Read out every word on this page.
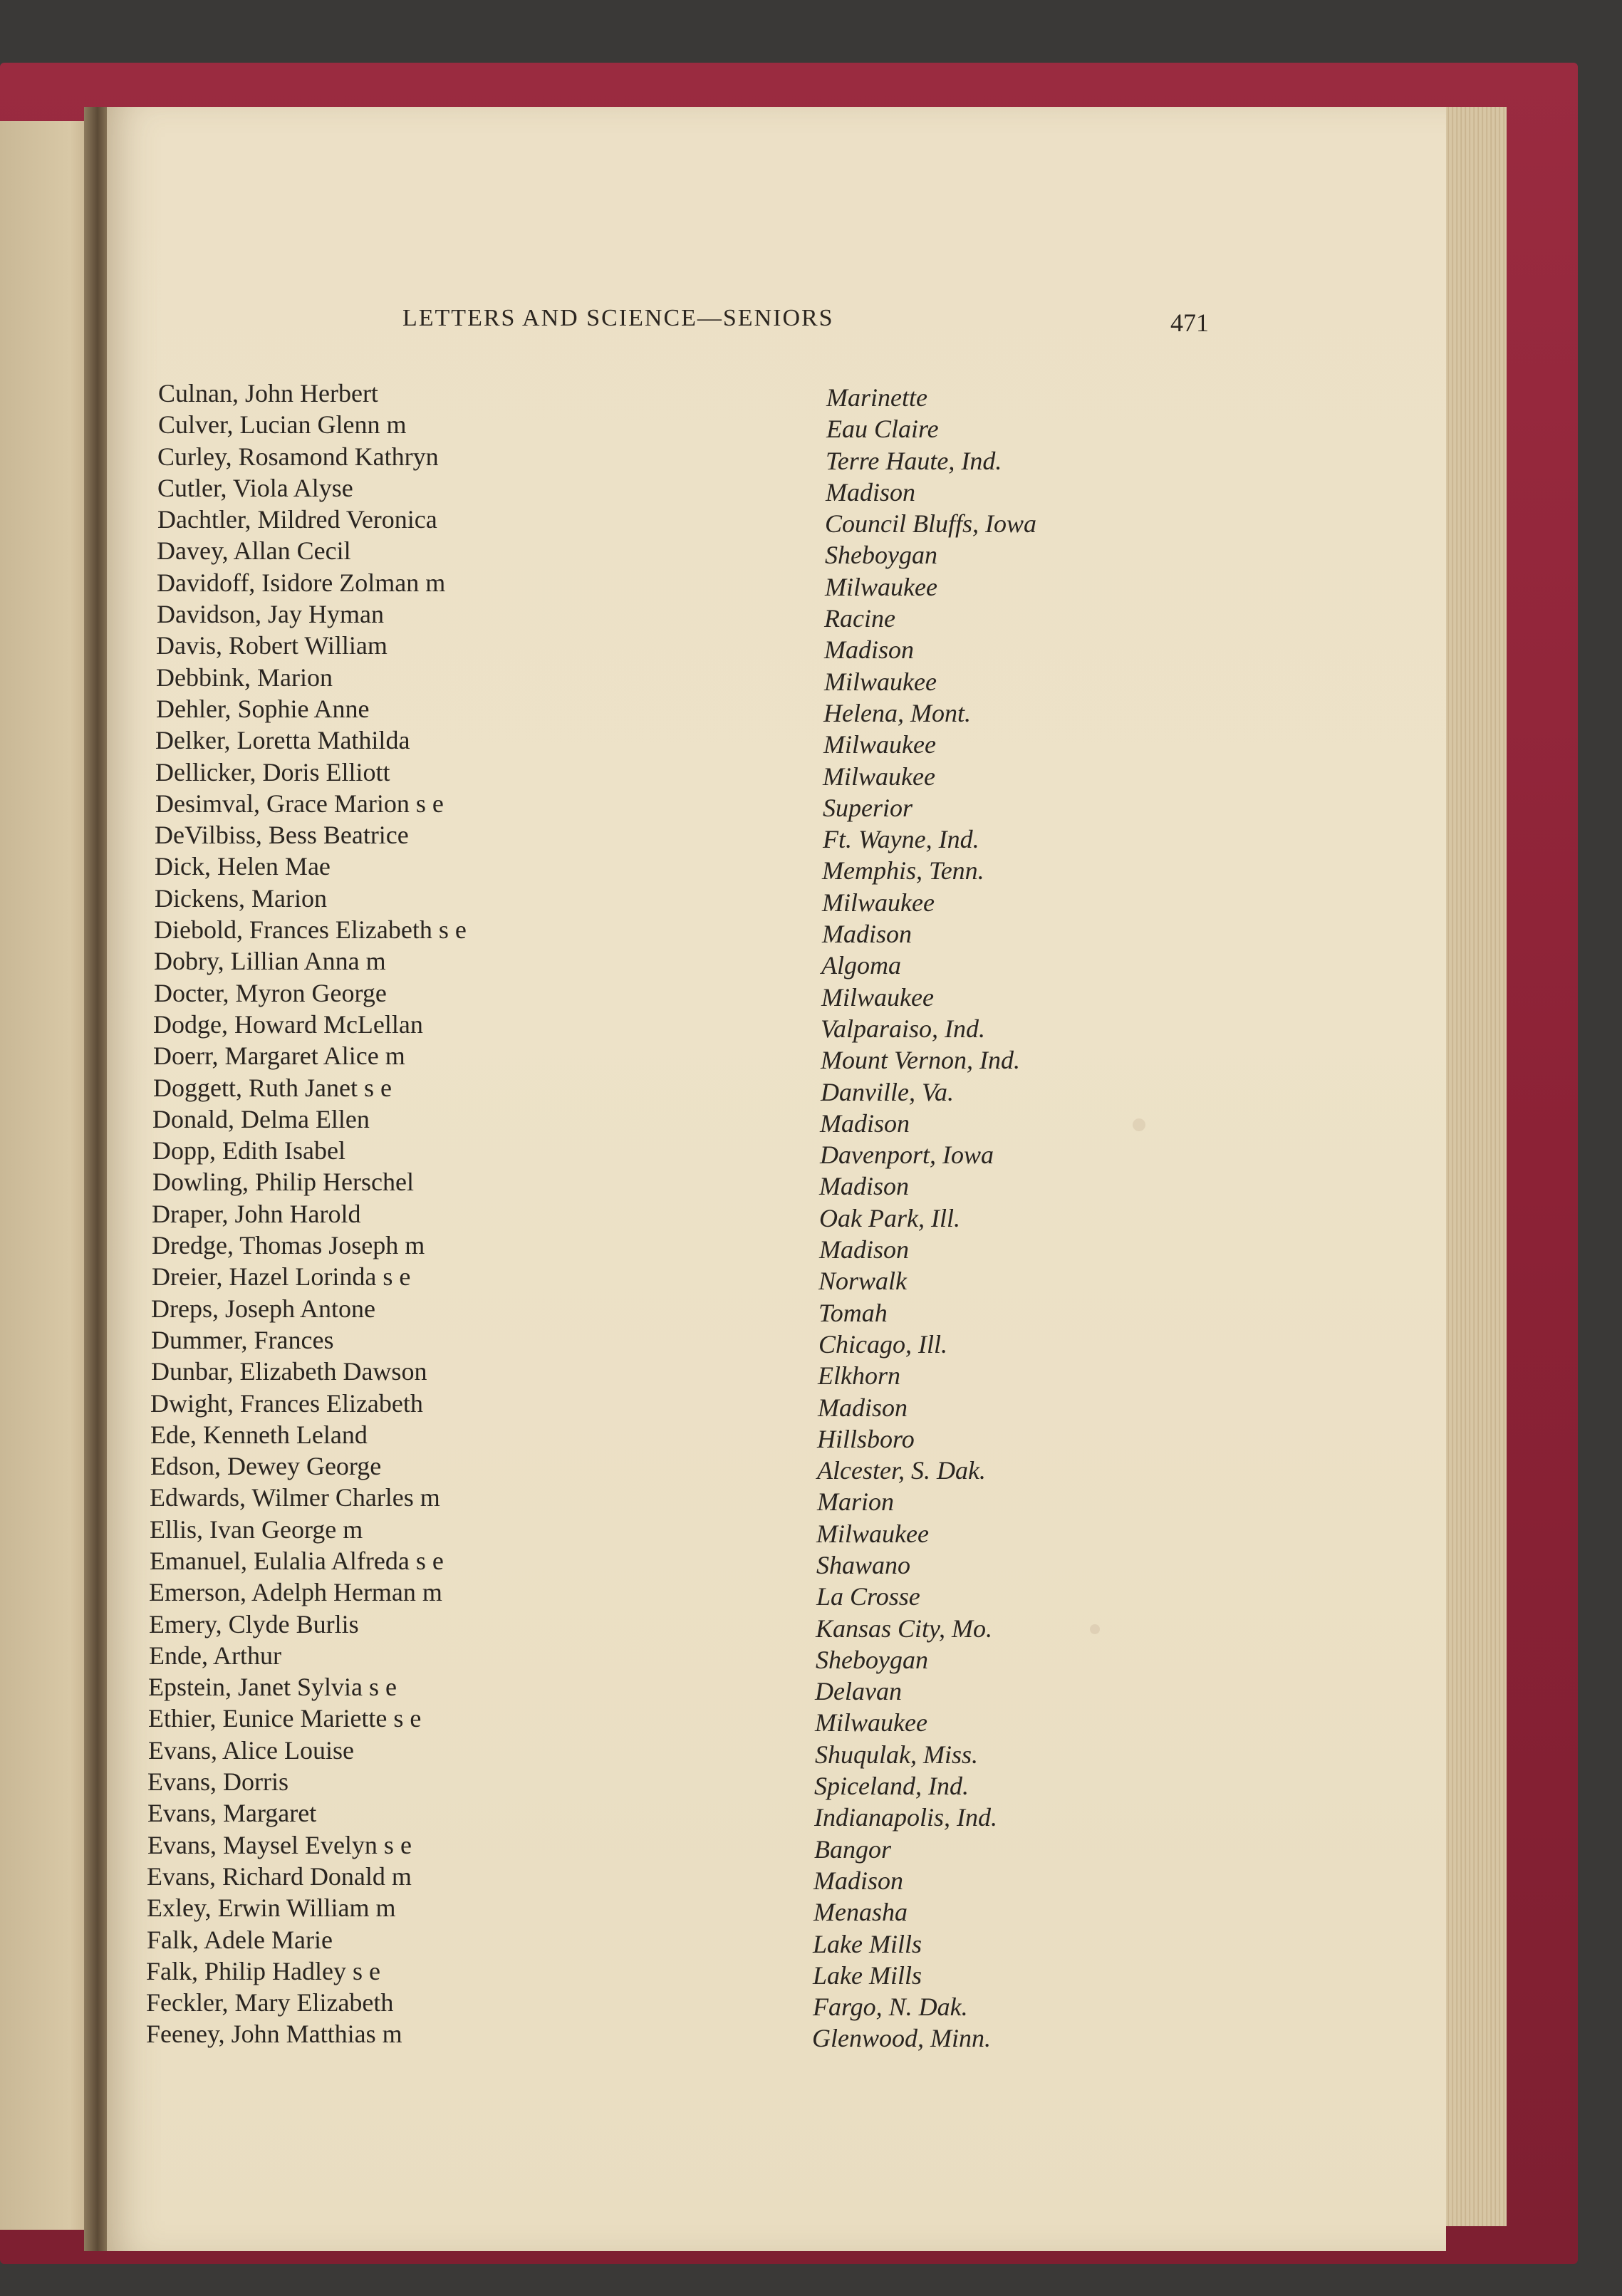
LETTERS AND SCIENCE—SENIORS	471
Culnan, John Herbert
Culver, Lucian Glenn m
Curley, Rosamond Kathryn
Cutler, Viola Alyse
Dachtler, Mildred Veronica
Davey, Allan Cecil
Davidoff, Isidore Zolman m
Davidson, Jay Hyman
Davis, Robert William
Debbink, Marion
Dehler, Sophie Anne
Delker, Loretta Mathilda
Dellicker, Doris Elliott
Desimval, Grace Marion s e
DeVilbiss, Bess Beatrice
Dick, Helen Mae
Dickens, Marion
Diebold, Frances Elizabeth s e
Dobry, Lillian Anna m
Docter, Myron George
Dodge, Howard McLellan
Doerr, Margaret Alice m
Doggett, Ruth Janet s e
Donald, Delma Ellen
Dopp, Edith Isabel
Dowling, Philip Herschel
Draper, John Harold
Dredge, Thomas Joseph m
Dreier, Hazel Lorinda s e
Dreps, Joseph Antone
Dummer, Frances
Dunbar, Elizabeth Dawson
Dwight, Frances Elizabeth
Ede, Kenneth Leland
Edson, Dewey George
Edwards, Wilmer Charles m
Ellis, Ivan George m
Emanuel, Eulalia Alfreda s e
Emerson, Adelph Herman m
Emery, Clyde Burlis
Ende, Arthur
Epstein, Janet Sylvia s e
Ethier, Eunice Mariette s e
Evans, Alice Louise
Evans, Dorris
Evans, Margaret
Evans, Maysel Evelyn s e
Evans, Richard Donald m
Exley, Erwin William m
Falk, Adele Marie
Falk, Philip Hadley s e
Feckler, Mary Elizabeth
Feeney, John Matthias m
Marinette
Eau Claire
Terre Haute, Ind.
Madison
Council Bluffs, Iowa
Sheboygan
Milwaukee
Racine
Madison
Milwaukee
Helena, Mont.
Milwaukee
Milwaukee
Superior
Ft. Wayne, Ind.
Memphis, Tenn.
Milwaukee
Madison
Algoma
Milwaukee
Valparaiso, Ind.
Mount Vernon, Ind.
Danville, Va.
Madison
Davenport, Iowa
Madison
Oak Park, Ill.
Madison
Norwalk
Tomah
Chicago, Ill.
Elkhorn
Madison
Hillsboro
Alcester, S. Dak.
Marion
Milwaukee
Shawano
La Crosse
Kansas City, Mo.
Sheboygan
Delavan
Milwaukee
Shuqulak, Miss.
Spiceland, Ind.
Indianapolis, Ind.
Bangor
Madison
Menasha
Lake Mills
Lake Mills
Fargo, N. Dak.
Glenwood, Minn.
